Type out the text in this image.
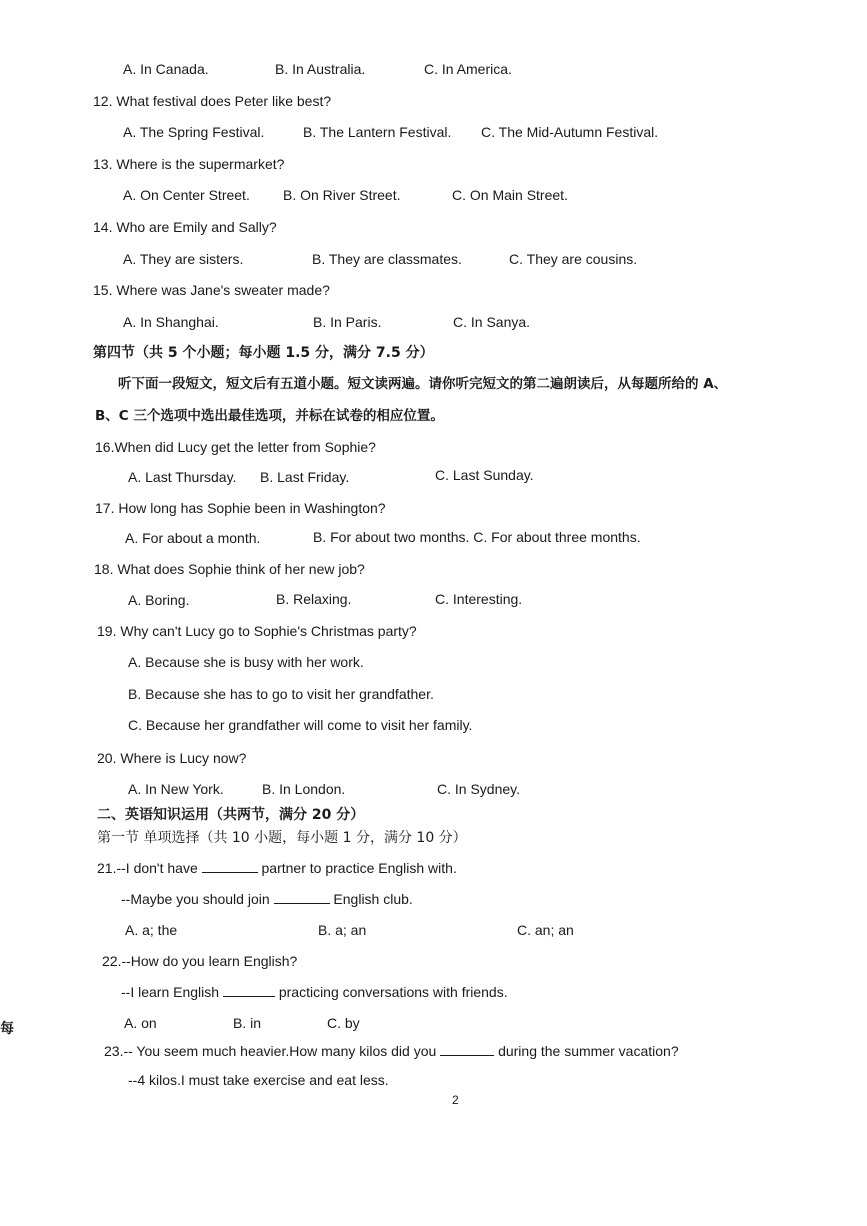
A. In Canada.	B. In Australia.	C. In America.
12. What festival does Peter like best?
A. The Spring Festival.	B. The Lantern Festival. C. The Mid-Autumn Festival.
13. Where is the supermarket?
A. On Center Street. B. On River Street.	C. On Main Street.
14. Who are Emily and Sally?
A. They are sisters.	B. They are classmates.	C. They are cousins.
15. Where was Jane's sweater made?
A. In Shanghai.	B. In Paris.	C. In Sanya.
第四节（共 5 个小题；每小题 1.5 分，满分 7.5 分）
听下面一段短文，短文后有五道小题。短文读两遍。请你听完短文的第二遍朗读后，从每题所给的 A、
B、C 三个选项中选出最佳选项，并标在试卷的相应位置。
16.When did Lucy get the letter from Sophie?
A. Last Thursday. B. Last Friday.	C. Last Sunday.
17. How long has Sophie been in Washington?
A. For about a month.	B. For about two months. C. For about three months.
18. What does Sophie think of her new job?
A. Boring.	B. Relaxing.	C. Interesting.
19. Why can't Lucy go to Sophie's Christmas party?
A. Because she is busy with her work.
B. Because she has to go to visit her grandfather.
C. Because her grandfather will come to visit her family.
20. Where is Lucy now?
A. In New York.	B. In London.	C. In Sydney.
二、英语知识运用（共两节，满分 20 分）
第一节 单项选择（共 10 小题，每小题 1 分，满分 10 分）
21.--I don't have	partner to practice English with.
--Maybe you should join	English club.
A. a; the	B. a; an	C. an; an
22.--How do you learn English?
--I learn English	practicing conversations with friends.
A. on	B. in	C. by
每
23.-- You seem much heavier.How many kilos did you	during the summer vacation?
--4 kilos.I must take exercise and eat less.
2
